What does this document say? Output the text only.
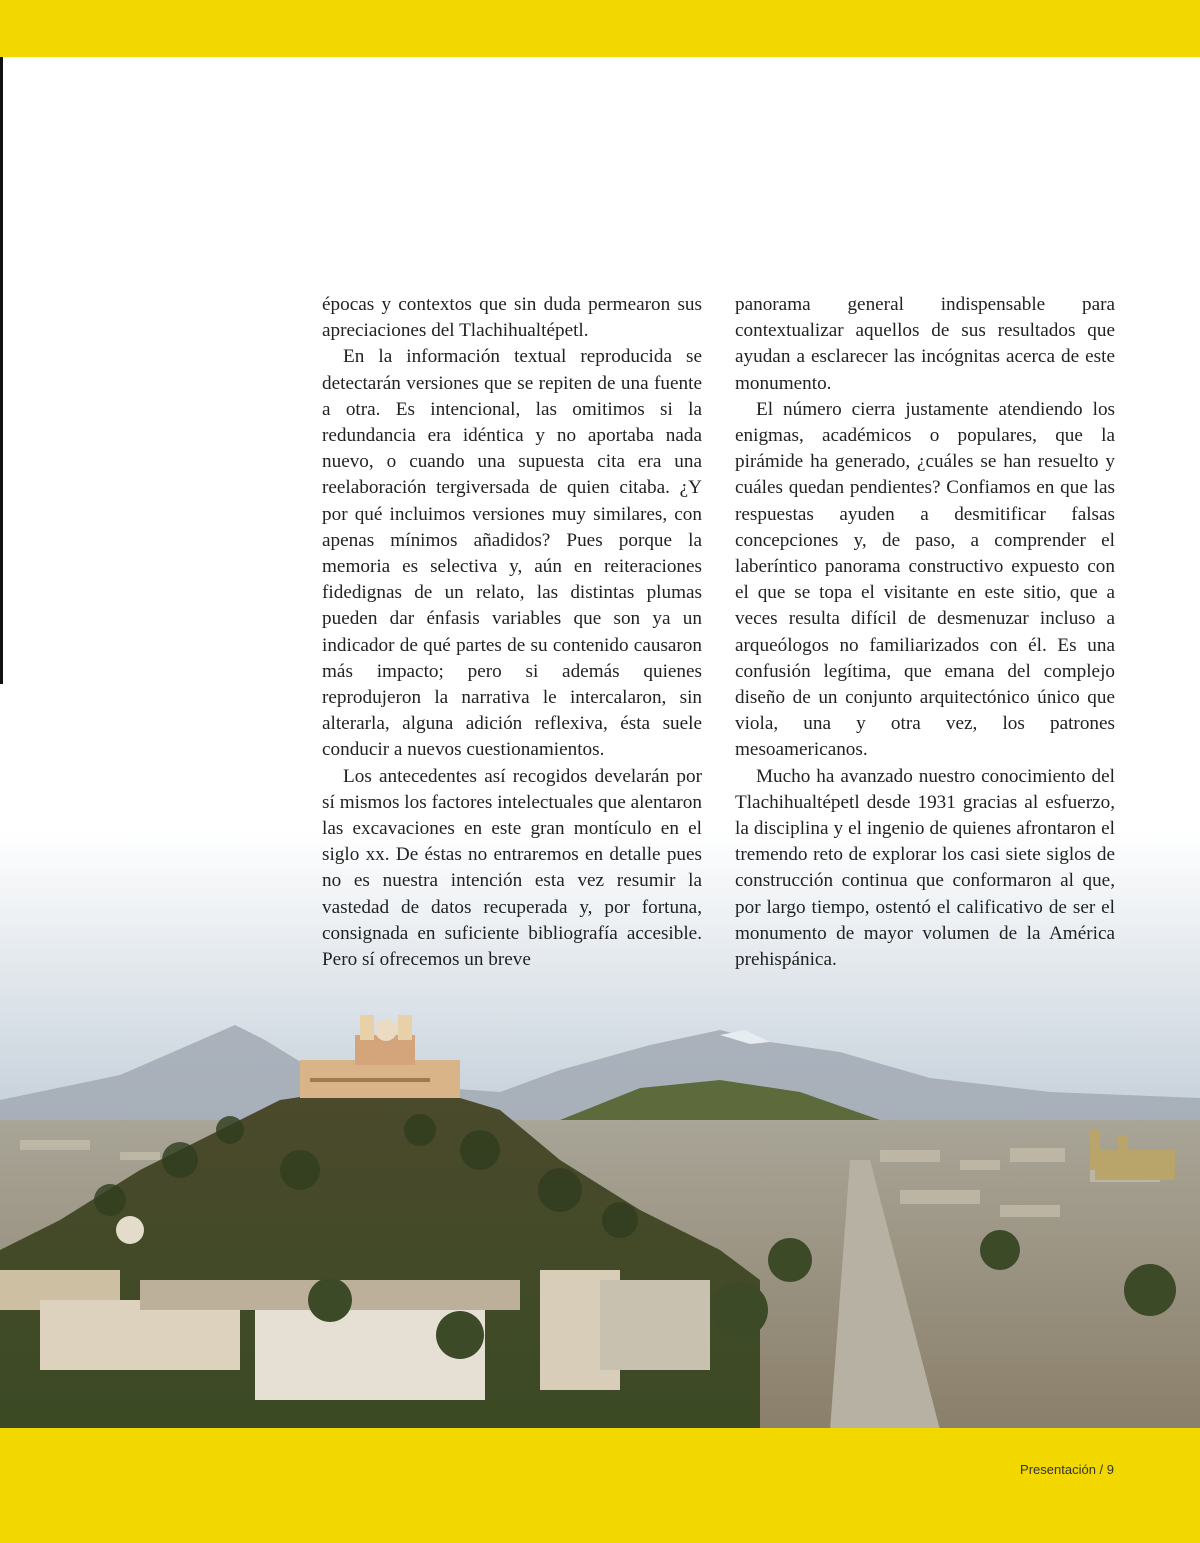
épocas y contextos que sin duda permearon sus apreciaciones del Tlachihualtépetl.

En la información textual reproducida se detectarán versiones que se repiten de una fuente a otra. Es intencional, las omitimos si la redundancia era idéntica y no aportaba nada nuevo, o cuando una supuesta cita era una reelaboración tergiversada de quien citaba. ¿Y por qué incluimos versiones muy similares, con apenas mínimos añadidos? Pues porque la memoria es selectiva y, aún en reiteraciones fidedignas de un relato, las distintas plumas pueden dar énfasis variables que son ya un indicador de qué partes de su contenido causaron más impacto; pero si además quienes reprodujeron la narrativa le intercalaron, sin alterarla, alguna adición reflexiva, ésta suele conducir a nuevos cuestionamientos.

Los antecedentes así recogidos develarán por sí mismos los factores intelectuales que alentaron las excavaciones en este gran montículo en el siglo xx. De éstas no entraremos en detalle pues no es nuestra intención esta vez resumir la vastedad de datos recuperada y, por fortuna, consignada en suficiente bibliografía accesible. Pero sí ofrecemos un breve

panorama general indispensable para contextualizar aquellos de sus resultados que ayudan a esclarecer las incógnitas acerca de este monumento.

El número cierra justamente atendiendo los enigmas, académicos o populares, que la pirámide ha generado, ¿cuáles se han resuelto y cuáles quedan pendientes? Confiamos en que las respuestas ayuden a desmitificar falsas concepciones y, de paso, a comprender el laberíntico panorama constructivo expuesto con el que se topa el visitante en este sitio, que a veces resulta difícil de desmenuzar incluso a arqueólogos no familiarizados con él. Es una confusión legítima, que emana del complejo diseño de un conjunto arquitectónico único que viola, una y otra vez, los patrones mesoamericanos.

Mucho ha avanzado nuestro conocimiento del Tlachihualtépetl desde 1931 gracias al esfuerzo, la disciplina y el ingenio de quienes afrontaron el tremendo reto de explorar los casi siete siglos de construcción continua que conformaron al que, por largo tiempo, ostentó el calificativo de ser el monumento de mayor volumen de la América prehispánica.

Presentación / 9
